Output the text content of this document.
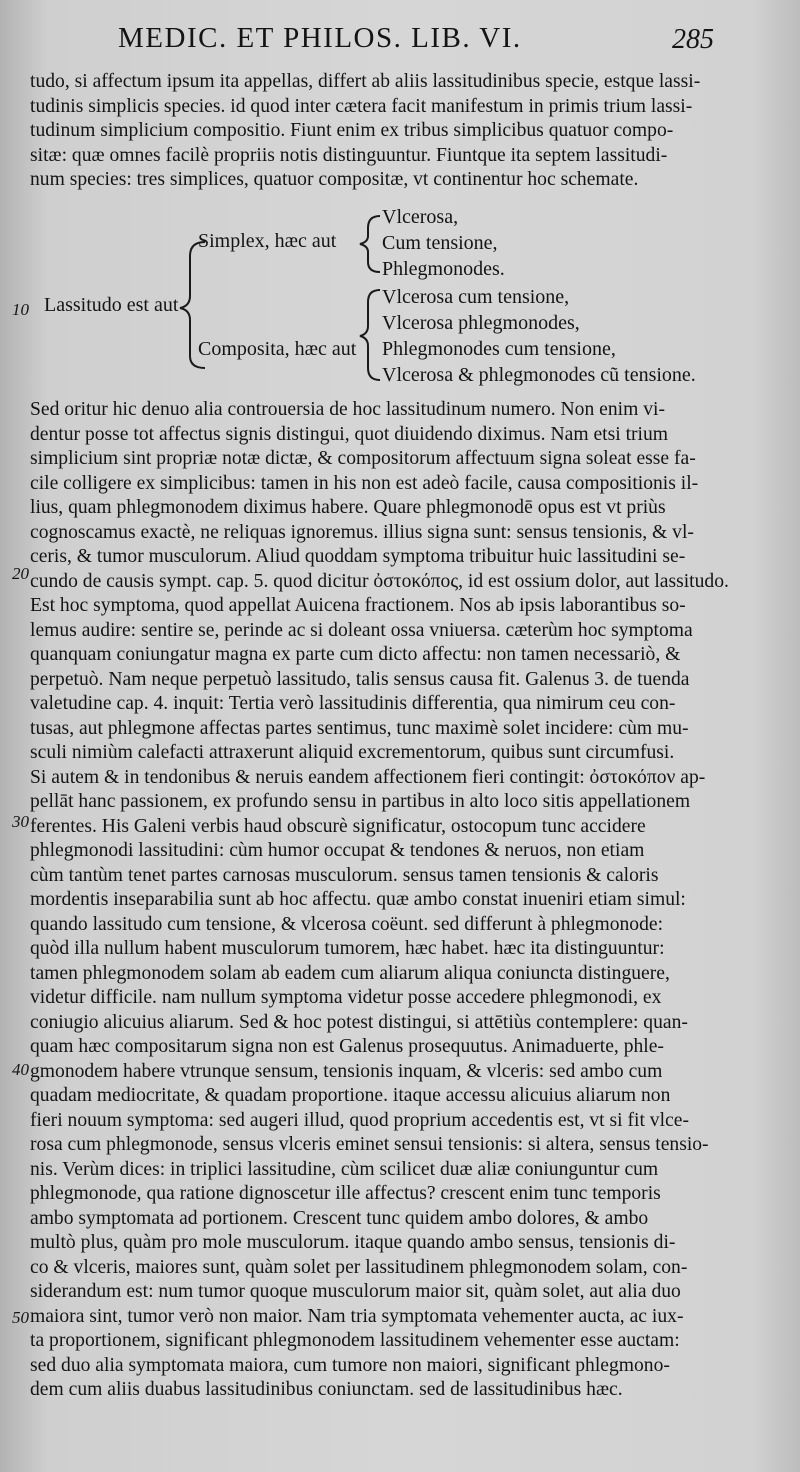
MEDIC. ET PHILOS. LIB. VI.	285
tudo, si affectum ipsum ita appellas, differt ab aliis lassitudinibus specie, estque lassi-
tudinis simplicis species. id quod inter cætera facit manifestum in primis trium lassi-
tudinum simplicium compositio. Fiunt enim ex tribus simplicibus quatuor compo-
sitæ: quæ omnes facilè propriis notis distinguuntur. Fiuntque ita septem lassitudi-
num species: tres simplices, quatuor compositæ, vt continentur hoc schemate.
Lassitudo est aut
Simplex, hæc aut
Composita, hæc aut
Vlcerosa,
Cum tensione,
Phlegmonodes.
Vlcerosa cum tensione,
Vlcerosa phlegmonodes,
Phlegmonodes cum tensione,
Vlcerosa & phlegmonodes cũ tensione.
Sed oritur hic denuo alia controuersia de hoc lassitudinum numero. Non enim vi-
dentur posse tot affectus signis distingui, quot diuidendo diximus. Nam etsi trium
simplicium sint propriæ notæ dictæ, & compositorum affectuum signa soleat esse fa-
cile colligere ex simplicibus: tamen in his non est adeò facile, causa compositionis il-
lius, quam phlegmonodem diximus habere. Quare phlegmonodē opus est vt priùs
cognoscamus exactè, ne reliquas ignoremus. illius signa sunt: sensus tensionis, & vl-
ceris, & tumor musculorum. Aliud quoddam symptoma tribuitur huic lassitudini se-
cundo de causis sympt. cap. 5. quod dicitur ὀστοκόπος, id est ossium dolor, aut lassitudo.
Est hoc symptoma, quod appellat Auicena fractionem. Nos ab ipsis laborantibus so-
lemus audire: sentire se, perinde ac si doleant ossa vniuersa. cæterùm hoc symptoma
quanquam coniungatur magna ex parte cum dicto affectu: non tamen necessariò, &
perpetuò. Nam neque perpetuò lassitudo, talis sensus causa fit. Galenus 3. de tuenda
valetudine cap. 4. inquit: Tertia verò lassitudinis differentia, qua nimirum ceu con-
tusas, aut phlegmone affectas partes sentimus, tunc maximè solet incidere: cùm mu-
sculi nimiùm calefacti attraxerunt aliquid excrementorum, quibus sunt circumfusi.
Si autem & in tendonibus & neruis eandem affectionem fieri contingit: ὀστοκόπον ap-
pellāt hanc passionem, ex profundo sensu in partibus in alto loco sitis appellationem
ferentes. His Galeni verbis haud obscurè significatur, ostocopum tunc accidere
phlegmonodi lassitudini: cùm humor occupat & tendones & neruos, non etiam
cùm tantùm tenet partes carnosas musculorum. sensus tamen tensionis & caloris
mordentis inseparabilia sunt ab hoc affectu. quæ ambo constat inueniri etiam simul:
quando lassitudo cum tensione, & vlcerosa coëunt. sed differunt à phlegmonode:
quòd illa nullum habent musculorum tumorem, hæc habet. hæc ita distinguuntur:
tamen phlegmonodem solam ab eadem cum aliarum aliqua coniuncta distinguere,
videtur difficile. nam nullum symptoma videtur posse accedere phlegmonodi, ex
coniugio alicuius aliarum. Sed & hoc potest distingui, si attētiùs contemplere: quan-
quam hæc compositarum signa non est Galenus prosequutus. Animaduerte, phle-
gmonodem habere vtrunque sensum, tensionis inquam, & vlceris: sed ambo cum
quadam mediocritate, & quadam proportione. itaque accessu alicuius aliarum non
fieri nouum symptoma: sed augeri illud, quod proprium accedentis est, vt si fit vlce-
rosa cum phlegmonode, sensus vlceris eminet sensui tensionis: si altera, sensus tensio-
nis. Verùm dices: in triplici lassitudine, cùm scilicet duæ aliæ coniunguntur cum
phlegmonode, qua ratione dignoscetur ille affectus? crescent enim tunc temporis
ambo symptomata ad portionem. Crescent tunc quidem ambo dolores, & ambo
multò plus, quàm pro mole musculorum. itaque quando ambo sensus, tensionis di-
co & vlceris, maiores sunt, quàm solet per lassitudinem phlegmonodem solam, con-
siderandum est: num tumor quoque musculorum maior sit, quàm solet, aut alia duo
maiora sint, tumor verò non maior. Nam tria symptomata vehementer aucta, ac iux-
ta proportionem, significant phlegmonodem lassitudinem vehementer esse auctam:
sed duo alia symptomata maiora, cum tumore non maiori, significant phlegmono-
dem cum aliis duabus lassitudinibus coniunctam. sed de lassitudinibus hæc.
10
20
30
40
50
